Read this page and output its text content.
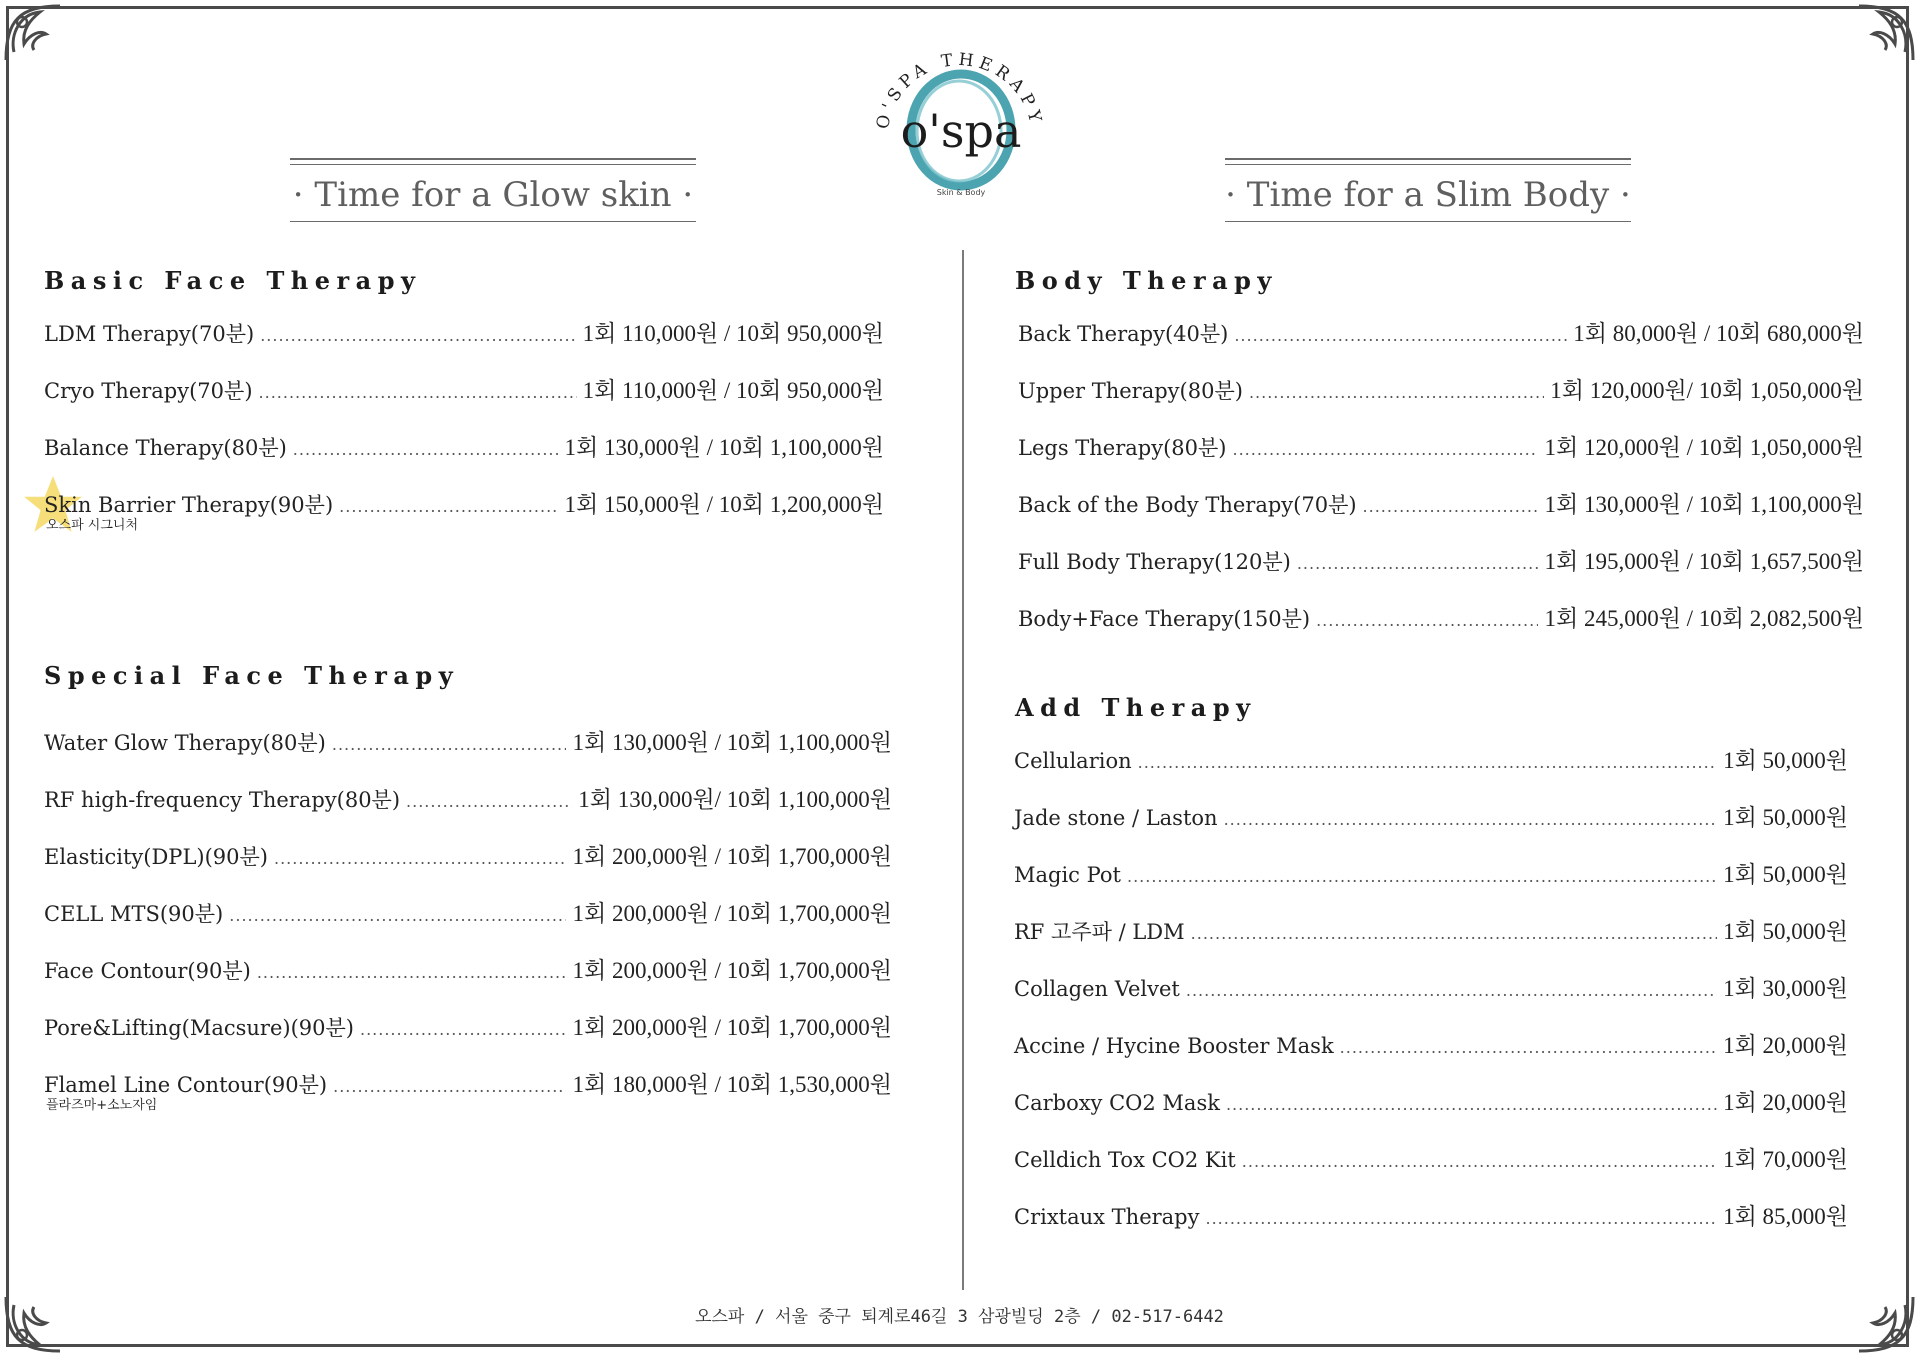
O'SPA THERAPY
o'spa
Skin & Body
· Time for a Glow skin ·	· Time for a Slim Body ·
Basic Face Therapy
LDM Therapy(70분) .....	1회 110,000원 / 10회 950,000원
Cryo Therapy(70분) .....	1회 110,000원 / 10회 950,000원
Balance Therapy(80분) .....	1회 130,000원 / 10회 1,100,000원
Skin Barrier Therapy(90분) .....	1회 150,000원 / 10회 1,200,000원
오스파 시그니처
Special Face Therapy
Water Glow Therapy(80분) .....	1회 130,000원 / 10회 1,100,000원
RF high-frequency Therapy(80분) .....	1회 130,000원/ 10회 1,100,000원
Elasticity(DPL)(90분) .....	1회 200,000원 / 10회 1,700,000원
CELL MTS(90분) .....	1회 200,000원 / 10회 1,700,000원
Face Contour(90분) .....	1회 200,000원 / 10회 1,700,000원
Pore&Lifting(Macsure)(90분) .....	1회 200,000원 / 10회 1,700,000원
Flamel Line Contour(90분) .....	1회 180,000원 / 10회 1,530,000원
플라즈마+소노자임
Body Therapy
Back Therapy(40분) .....	1회 80,000원 / 10회 680,000원
Upper Therapy(80분) .....	1회 120,000원/ 10회 1,050,000원
Legs Therapy(80분) .....	1회 120,000원 / 10회 1,050,000원
Back of the Body Therapy(70분) .....	1회 130,000원 / 10회 1,100,000원
Full Body Therapy(120분) .....	1회 195,000원 / 10회 1,657,500원
Body+Face Therapy(150분) .....	1회 245,000원 / 10회 2,082,500원
Add Therapy
Cellularion .....	1회 50,000원
Jade stone / Laston .....	1회 50,000원
Magic Pot .....	1회 50,000원
RF 고주파 / LDM .....	1회 50,000원
Collagen Velvet .....	1회 30,000원
Accine / Hycine Booster Mask .....	1회 20,000원
Carboxy CO2 Mask .....	1회 20,000원
Celldich Tox CO2 Kit .....	1회 70,000원
Crixtaux Therapy .....	1회 85,000원
오스파 / 서울 중구 퇴계로46길 3 삼광빌딩 2층 / 02-517-6442
